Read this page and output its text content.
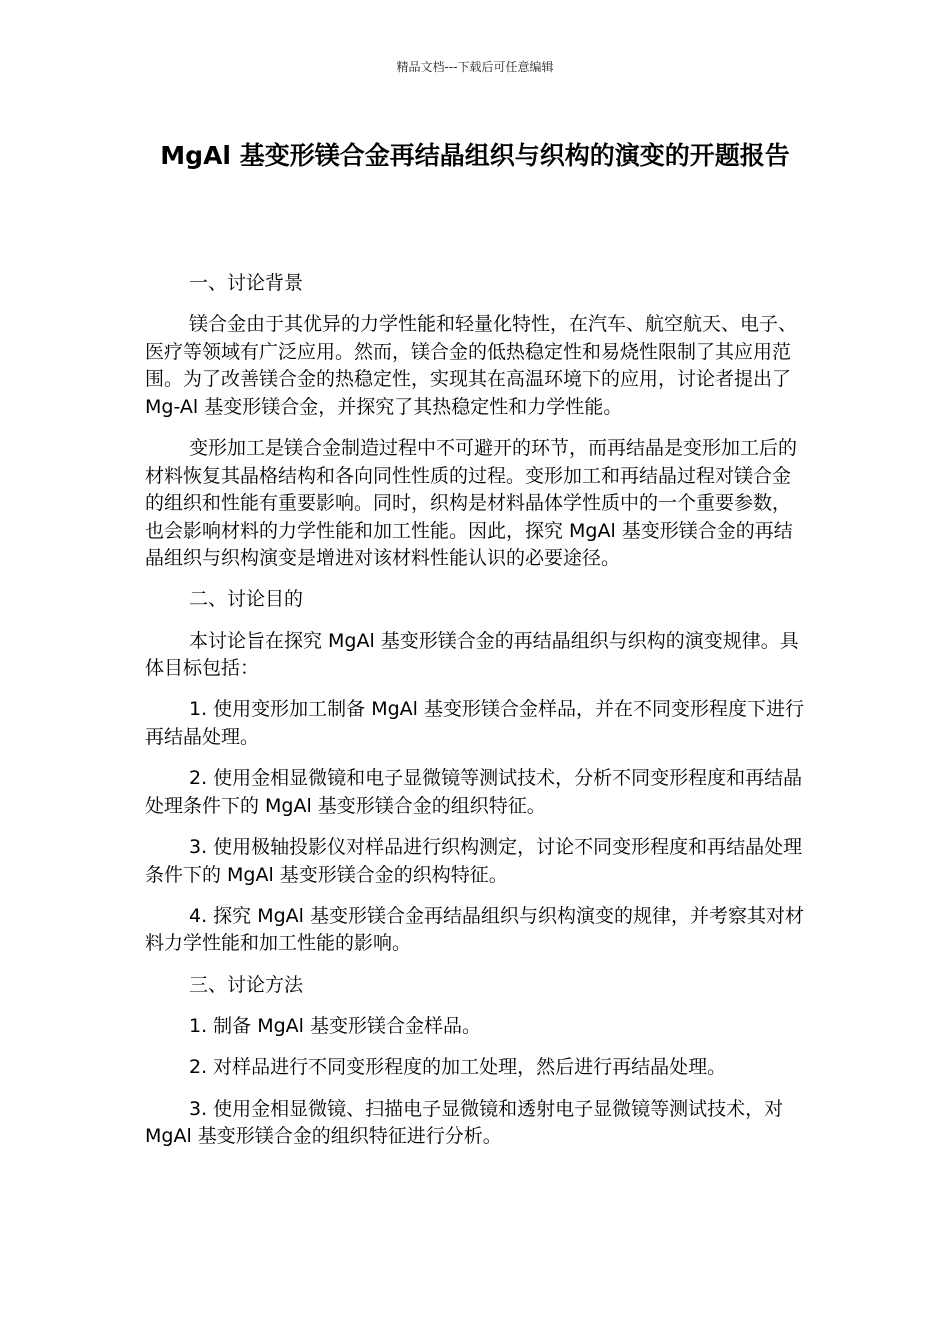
精品文档---下载后可任意编辑
MgAl 基变形镁合金再结晶组织与织构的演变的开题报告

一、讨论背景

镁合金由于其优异的力学性能和轻量化特性，在汽车、航空航天、电子、医疗等领域有广泛应用。然而，镁合金的低热稳定性和易烧性限制了其应用范围。为了改善镁合金的热稳定性，实现其在高温环境下的应用，讨论者提出了 Mg-Al 基变形镁合金，并探究了其热稳定性和力学性能。

变形加工是镁合金制造过程中不可避开的环节，而再结晶是变形加工后的材料恢复其晶格结构和各向同性性质的过程。变形加工和再结晶过程对镁合金的组织和性能有重要影响。同时，织构是材料晶体学性质中的一个重要参数，也会影响材料的力学性能和加工性能。因此，探究 MgAl 基变形镁合金的再结晶组织与织构演变是增进对该材料性能认识的必要途径。

二、讨论目的

本讨论旨在探究 MgAl 基变形镁合金的再结晶组织与织构的演变规律。具体目标包括：

1. 使用变形加工制备 MgAl 基变形镁合金样品，并在不同变形程度下进行再结晶处理。

2. 使用金相显微镜和电子显微镜等测试技术，分析不同变形程度和再结晶处理条件下的 MgAl 基变形镁合金的组织特征。

3. 使用极轴投影仪对样品进行织构测定，讨论不同变形程度和再结晶处理条件下的 MgAl 基变形镁合金的织构特征。

4. 探究 MgAl 基变形镁合金再结晶组织与织构演变的规律，并考察其对材料力学性能和加工性能的影响。

三、讨论方法

1. 制备 MgAl 基变形镁合金样品。

2. 对样品进行不同变形程度的加工处理，然后进行再结晶处理。

3. 使用金相显微镜、扫描电子显微镜和透射电子显微镜等测试技术，对 MgAl 基变形镁合金的组织特征进行分析。
